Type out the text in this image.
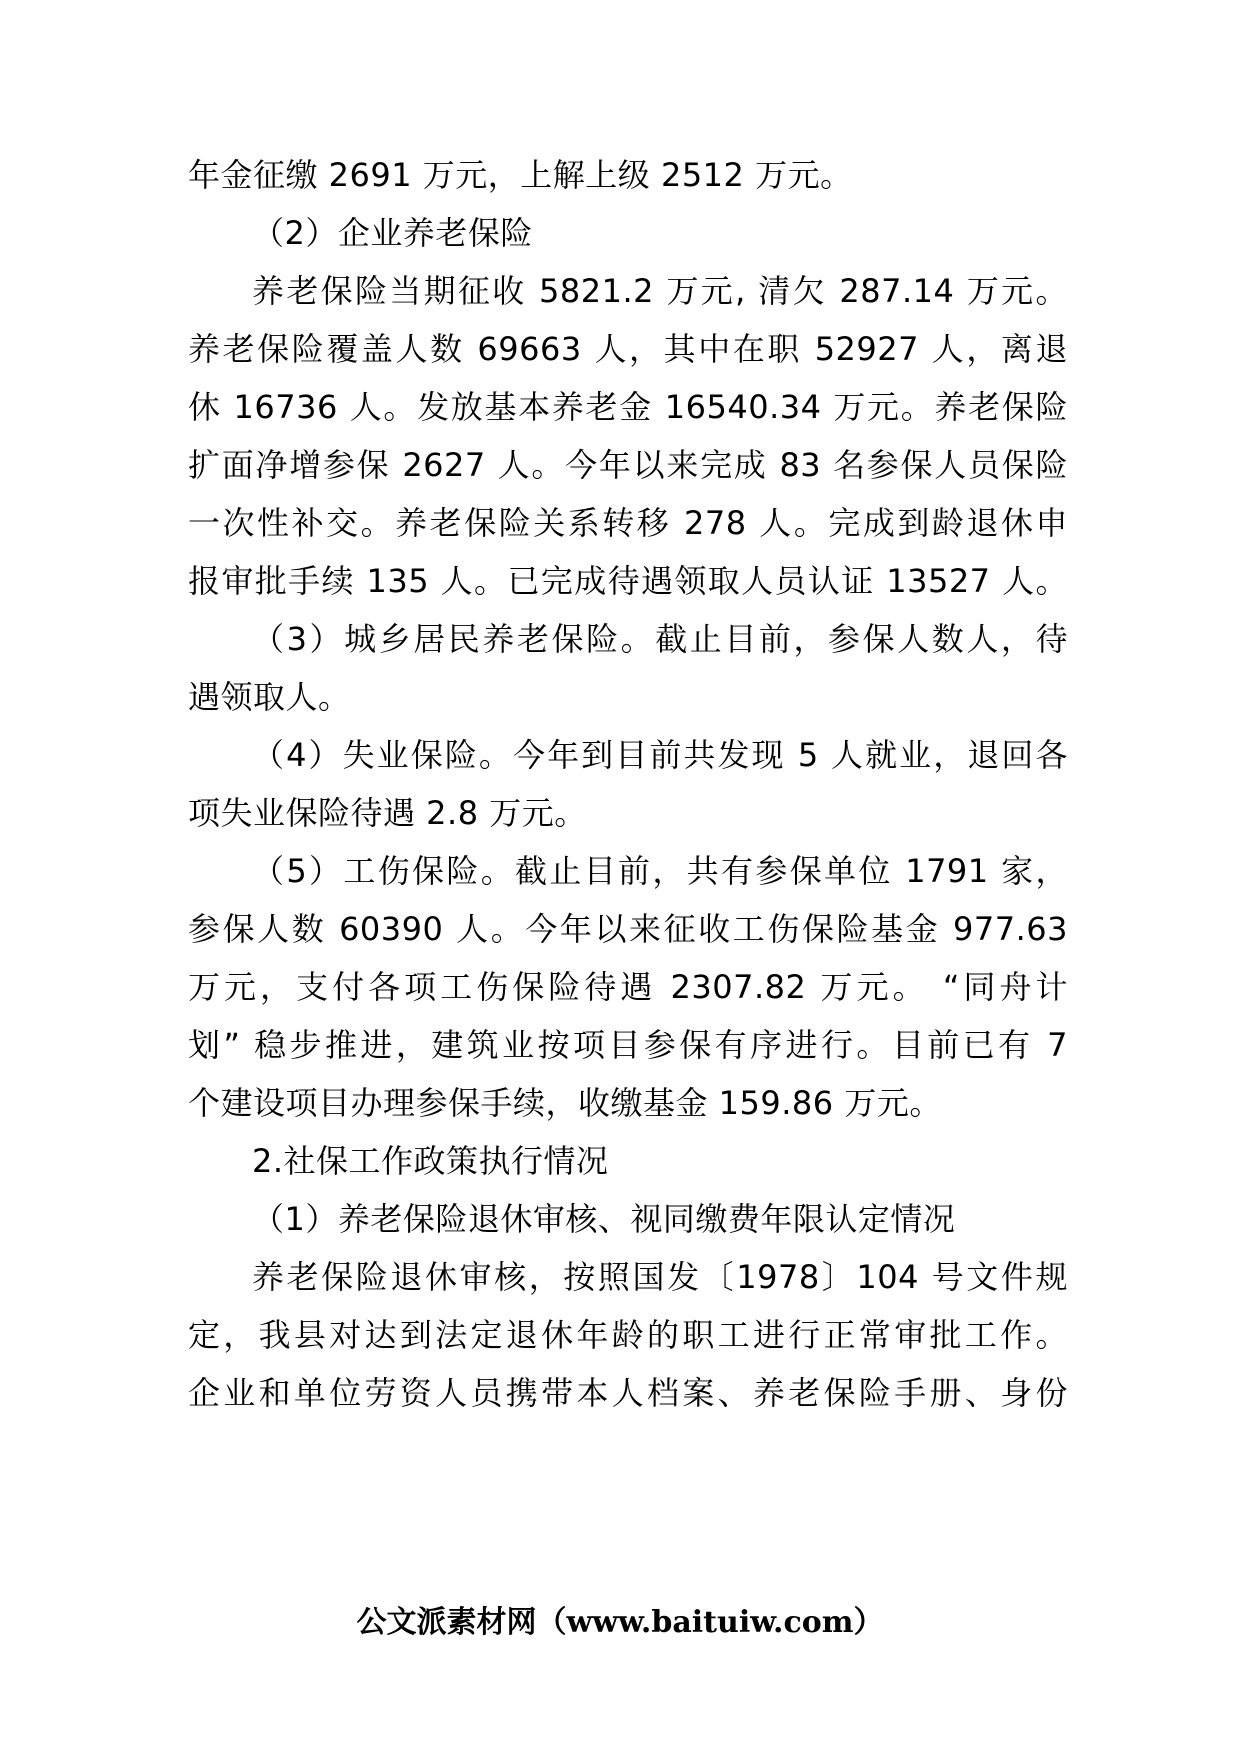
年金征缴 2691 万元，上解上级 2512 万元。
（2）企业养老保险
养老保险当期征收 5821.2 万元, 清欠 287.14 万元。
养老保险覆盖人数 69663 人，其中在职 52927 人，离退
休 16736 人。发放基本养老金 16540.34 万元。养老保险
扩面净增参保 2627 人。今年以来完成 83 名参保人员保险
一次性补交。养老保险关系转移 278 人。完成到龄退休申
报审批手续 135 人。已完成待遇领取人员认证 13527 人。
（3）城乡居民养老保险。截止目前，参保人数人，待
遇领取人。
（4）失业保险。今年到目前共发现 5 人就业，退回各
项失业保险待遇 2.8 万元。
（5）工伤保险。截止目前，共有参保单位 1791 家，
参保人数 60390 人。今年以来征收工伤保险基金 977.63
万元，支付各项工伤保险待遇 2307.82 万元。 “同舟计
划” 稳步推进，建筑业按项目参保有序进行。目前已有 7
个建设项目办理参保手续，收缴基金 159.86 万元。
2.社保工作政策执行情况
（1）养老保险退休审核、视同缴费年限认定情况
养老保险退休审核，按照国发〔1978〕104 号文件规
定，我县对达到法定退休年龄的职工进行正常审批工作。
企业和单位劳资人员携带本人档案、养老保险手册、身份
公文派素材网（www.baituiw.com）
